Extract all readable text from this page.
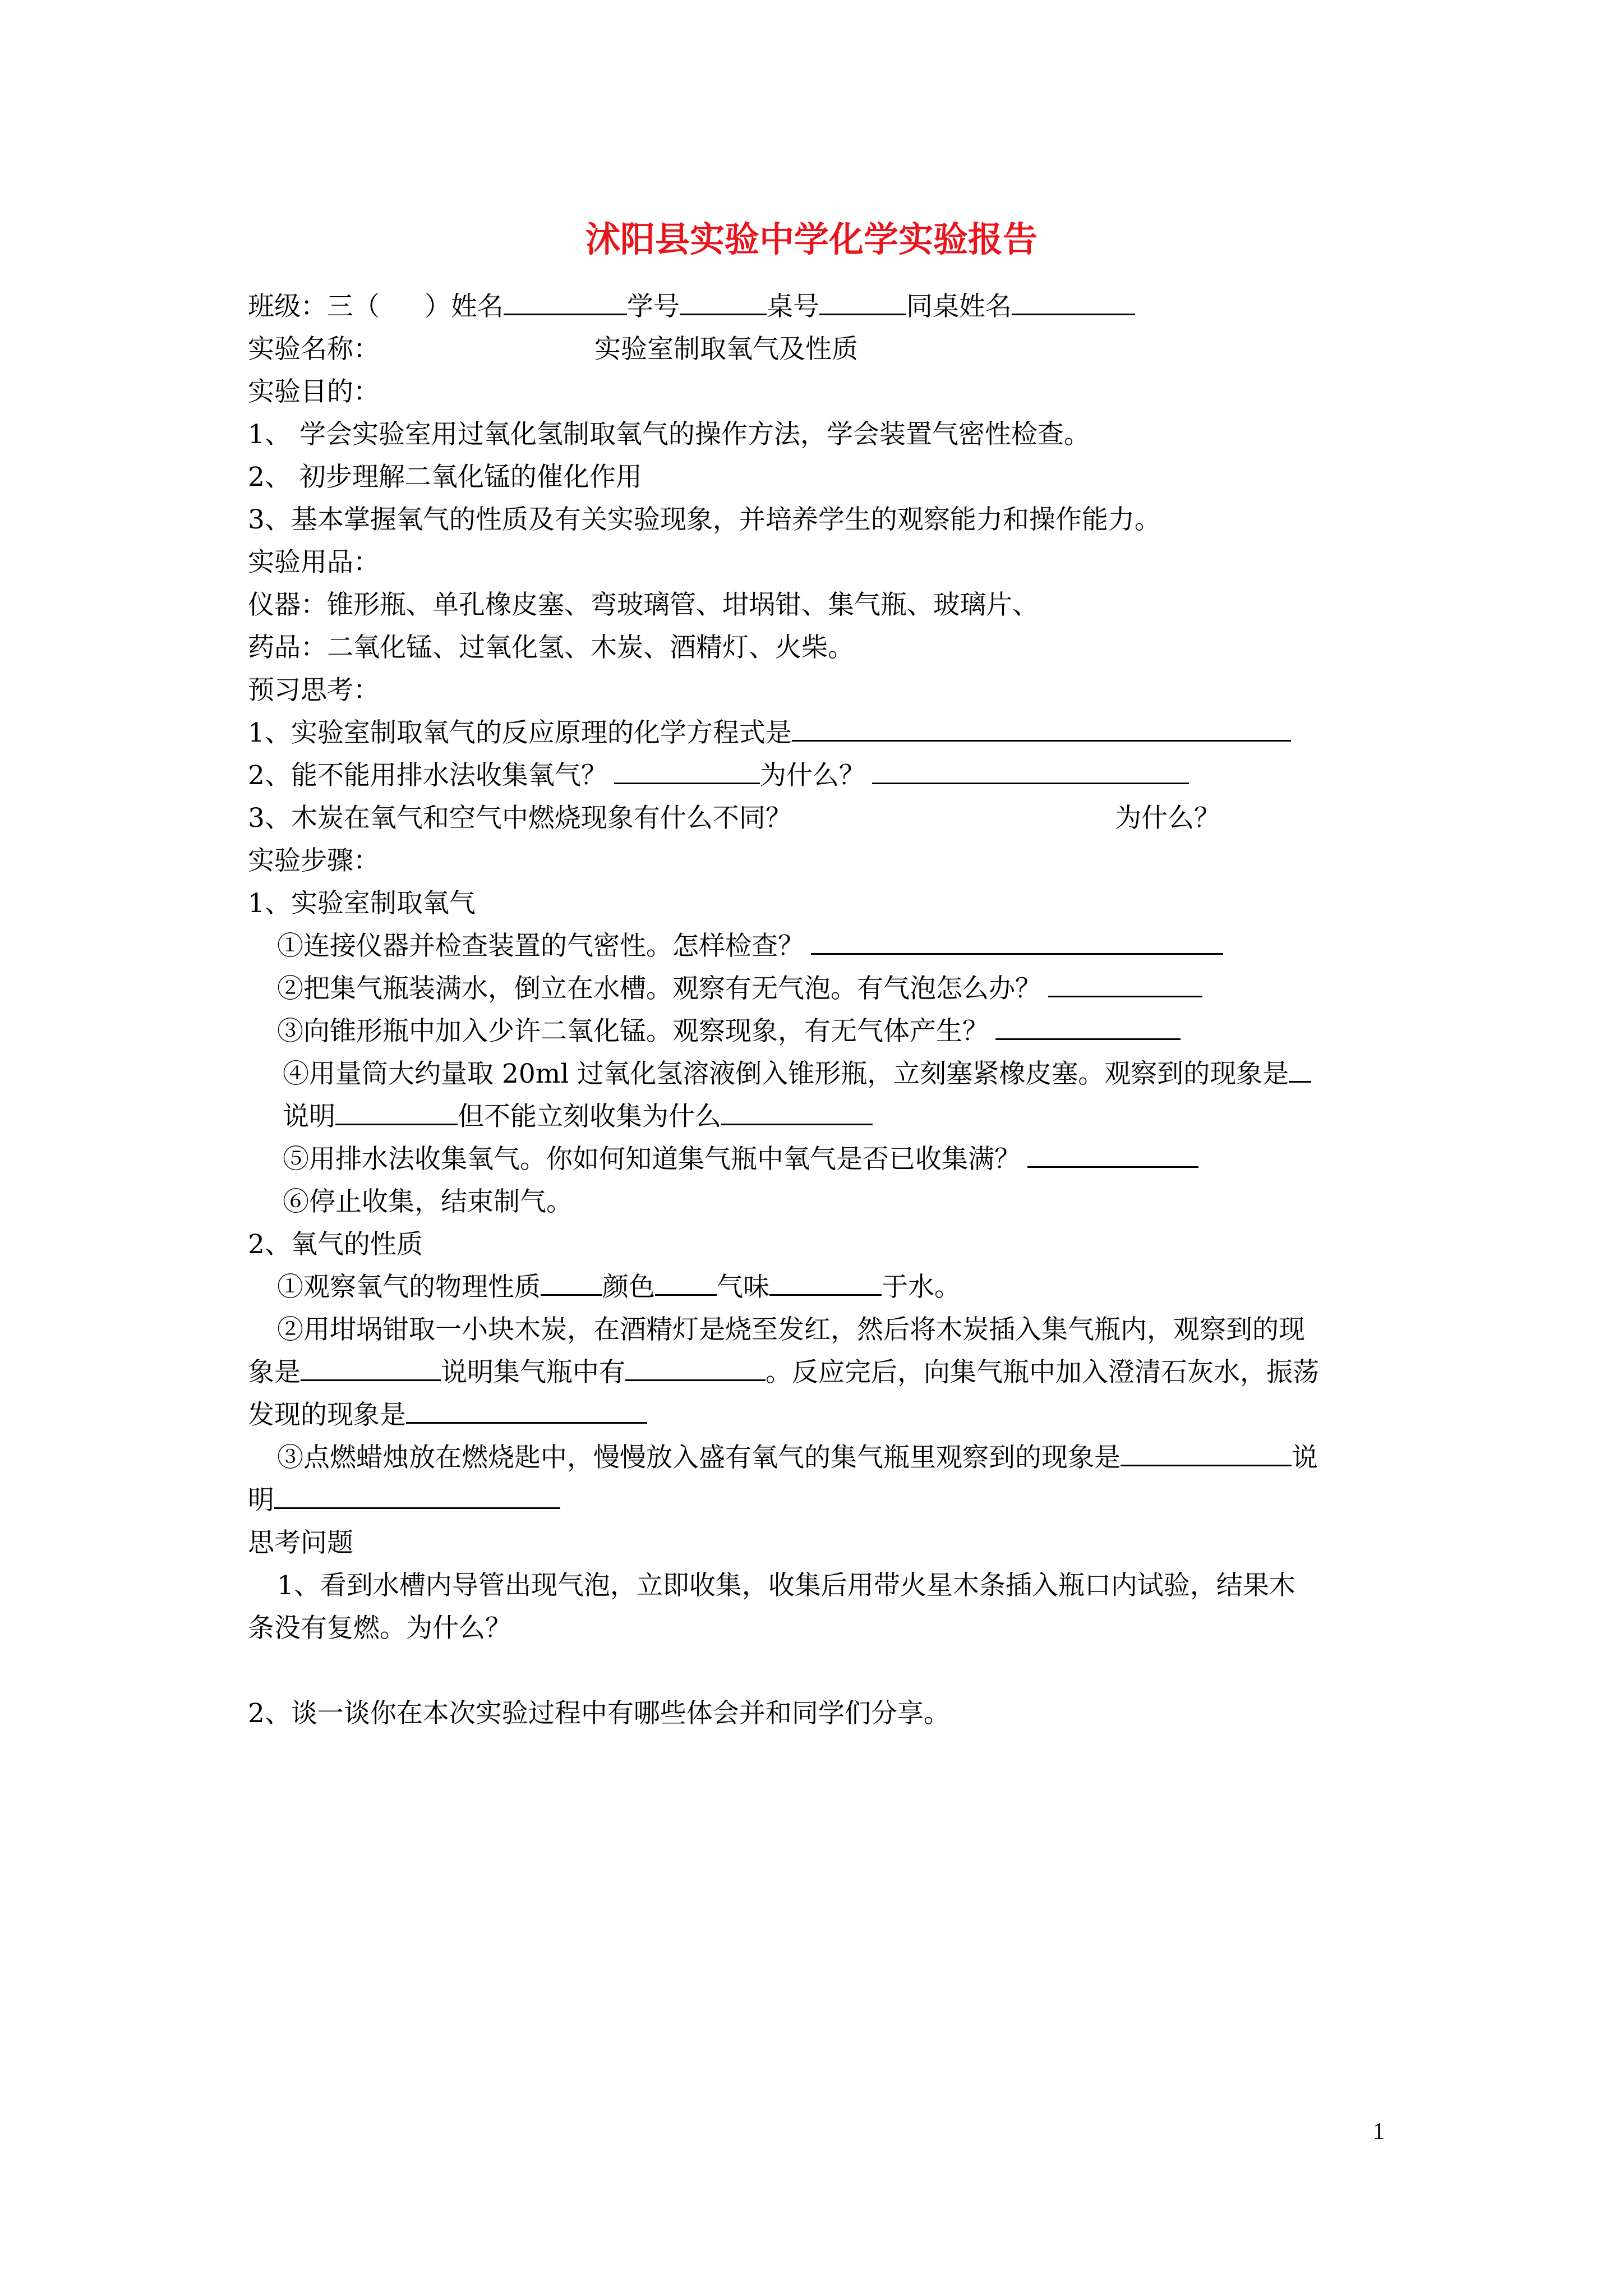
沭阳县实验中学化学实验报告
班级：三（ ）姓名	学号	桌号	同桌姓名
实验名称：	实验室制取氧气及性质
实验目的：
1、 学会实验室用过氧化氢制取氧气的操作方法，学会装置气密性检查。
2、 初步理解二氧化锰的催化作用
3、基本掌握氧气的性质及有关实验现象，并培养学生的观察能力和操作能力。
实验用品：
仪器：锥形瓶、单孔橡皮塞、弯玻璃管、坩埚钳、集气瓶、玻璃片、
药品：二氧化锰、过氧化氢、木炭、酒精灯、火柴。
预习思考：
1、实验室制取氧气的反应原理的化学方程式是
2、能不能用排水法收集氧气？	为什么？
3、木炭在氧气和空气中燃烧现象有什么不同？	为什么？
实验步骤：
1、实验室制取氧气
①连接仪器并检查装置的气密性。怎样检查？
②把集气瓶装满水，倒立在水槽。观察有无气泡。有气泡怎么办？
③向锥形瓶中加入少许二氧化锰。观察现象，有无气体产生？
④用量筒大约量取 20ml 过氧化氢溶液倒入锥形瓶，立刻塞紧橡皮塞。观察到的现象是
说明	但不能立刻收集为什么
⑤用排水法收集氧气。你如何知道集气瓶中氧气是否已收集满？
⑥停止收集，结束制气。
2、氧气的性质
①观察氧气的物理性质 颜色 气味	于水。
②用坩埚钳取一小块木炭，在酒精灯是烧至发红，然后将木炭插入集气瓶内，观察到的现
象是	说明集气瓶中有	。反应完后，向集气瓶中加入澄清石灰水，振荡
发现的现象是
③点燃蜡烛放在燃烧匙中，慢慢放入盛有氧气的集气瓶里观察到的现象是	说
明
思考问题
1、看到水槽内导管出现气泡，立即收集，收集后用带火星木条插入瓶口内试验，结果木
条没有复燃。为什么？
2、谈一谈你在本次实验过程中有哪些体会并和同学们分享。
1
